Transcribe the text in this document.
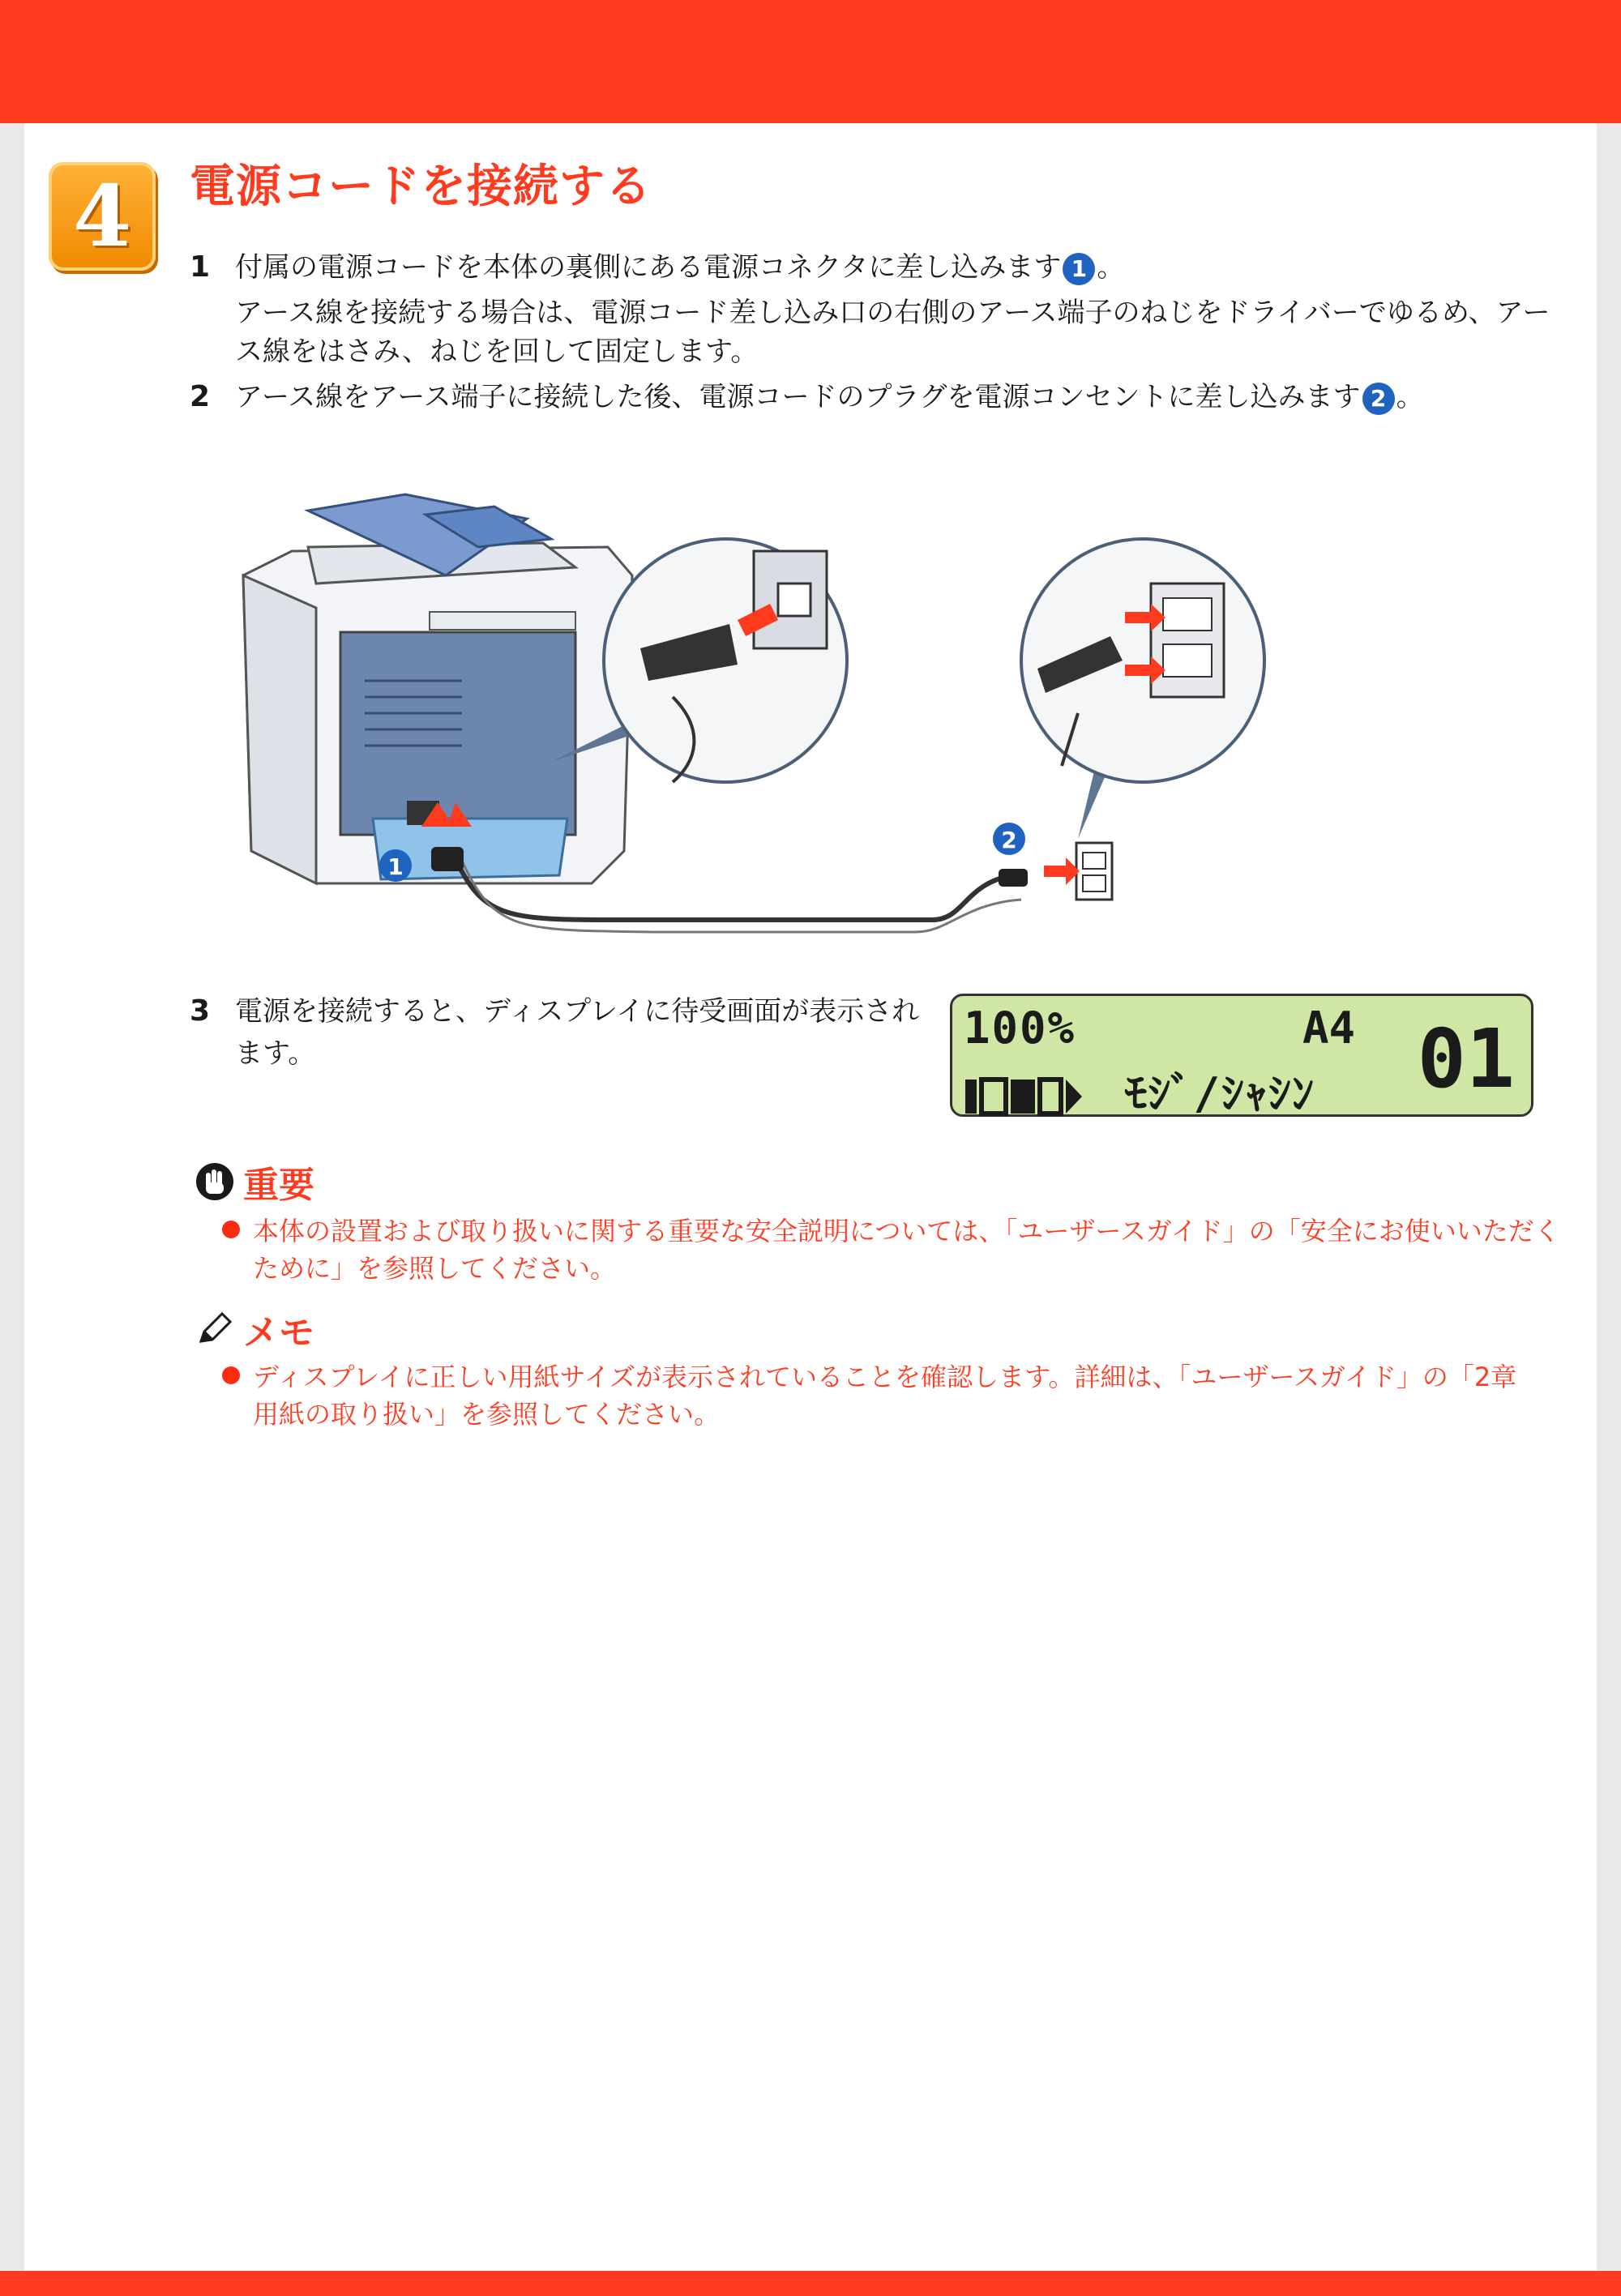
4 電源コードを接続する
1 付属の電源コードを本体の裏側にある電源コネクタに差し込みます 1 。
アース線を接続する場合は、電源コード差し込み口の右側のアース端子のねじをドライバーでゆるめ、アース線をはさみ、ねじを回して固定します。
2 アース線をアース端子に接続した後、電源コードのプラグを電源コンセントに差し込みます 2 。
1
2
3 電源を接続すると、ディスプレイに待受画面が表示されます。	100%	A4
ﾓｼﾞ/ｼｬｼﾝ 01
重要
本体の設置および取り扱いに関する重要な安全説明については、「ユーザースガイド」の「安全にお使いいただくために」を参照してください。
メモ
ディスプレイに正しい用紙サイズが表示されていることを確認します。詳細は、「ユーザースガイド」の「2章　用紙の取り扱い」を参照してください。
